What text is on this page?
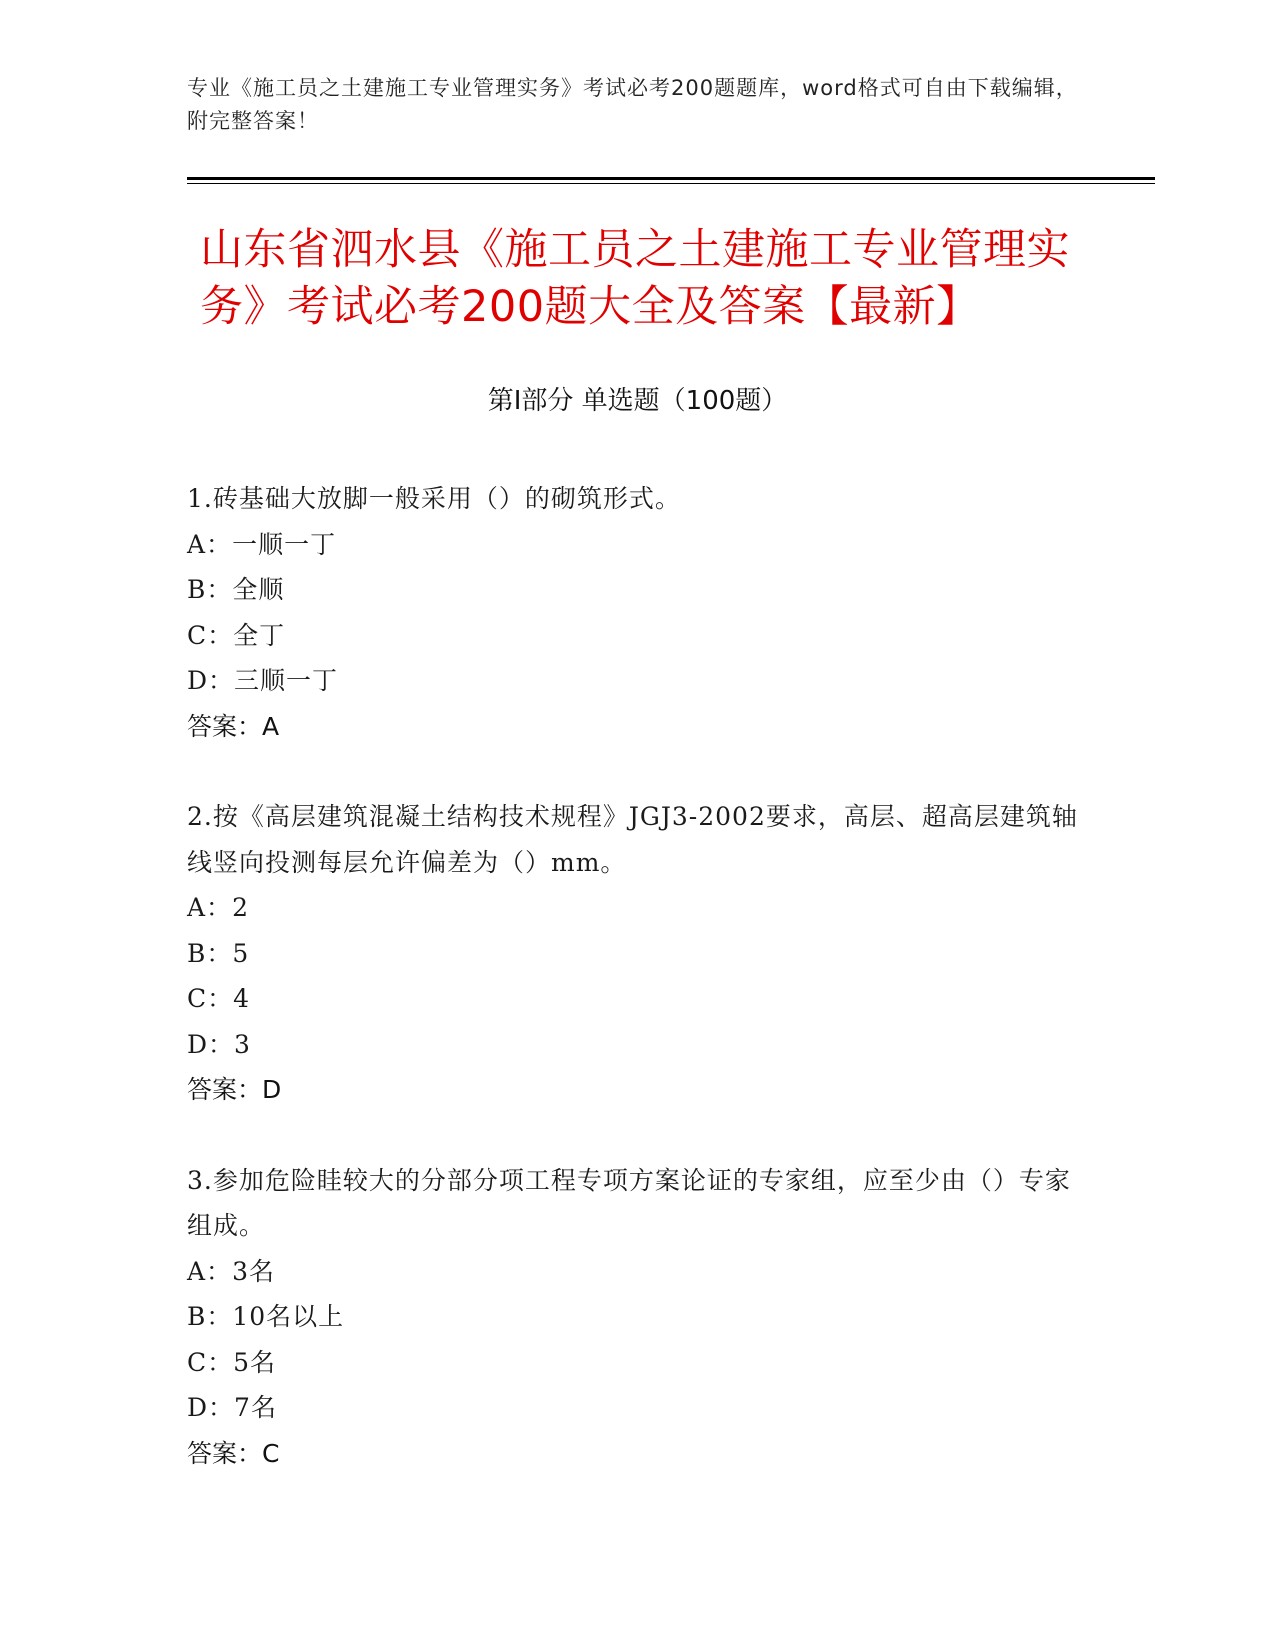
专业《施工员之土建施工专业管理实务》考试必考200题题库，word格式可自由下载编辑，附完整答案！
山东省泗水县《施工员之土建施工专业管理实务》考试必考200题大全及答案【最新】
第I部分 单选题（100题）
1.砖基础大放脚一般采用（）的砌筑形式。
A：一顺一丁
B：全顺
C：全丁
D：三顺一丁
答案：A
2.按《高层建筑混凝土结构技术规程》JGJ3-2002要求，高层、超高层建筑轴线竖向投测每层允许偏差为（）mm。
A：2
B：5
C：4
D：3
答案：D
3.参加危险眭较大的分部分项工程专项方案论证的专家组，应至少由（）专家组成。
A：3名
B：10名以上
C：5名
D：7名
答案：C
